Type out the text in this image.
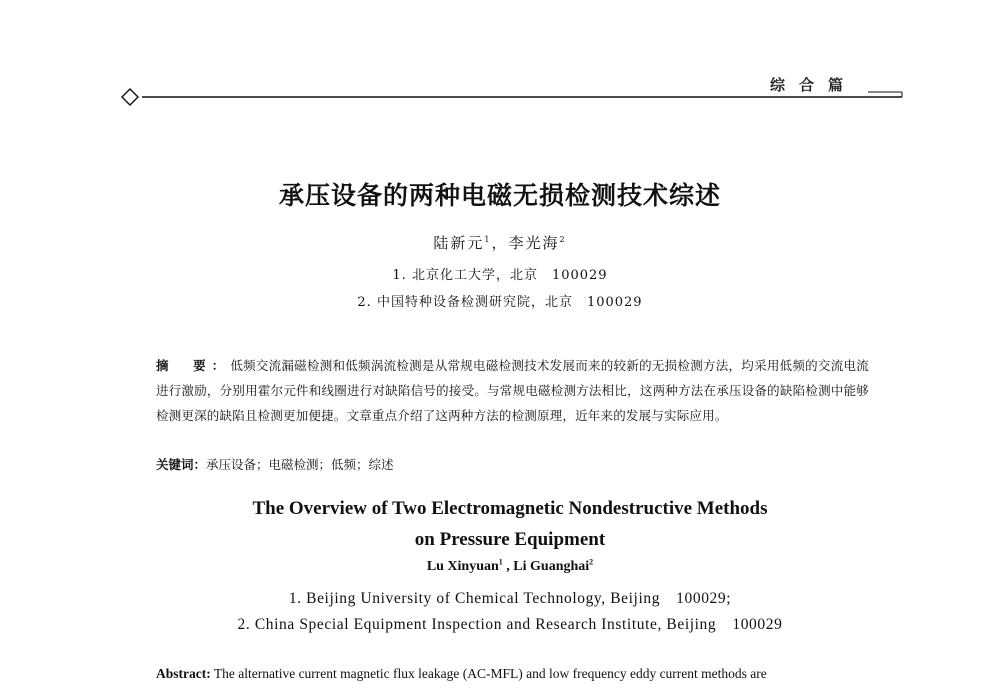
综合篇
承压设备的两种电磁无损检测技术综述
陆新元$^1$，李光海$^2$
1. 北京化工大学，北京　100029
2. 中国特种设备检测研究院，北京　100029
摘　要：低频交流漏磁检测和低频涡流检测是从常规电磁检测技术发展而来的较新的无损检测方法，均采用低频的交流电流进行激励，分别用霍尔元件和线圈进行对缺陷信号的接受。与常规电磁检测方法相比，这两种方法在承压设备的缺陷检测中能够检测更深的缺陷且检测更加便捷。文章重点介绍了这两种方法的检测原理，近年来的发展与实际应用。
关键词：承压设备；电磁检测；低频；综述
The Overview of Two Electromagnetic Nondestructive Methods
on Pressure Equipment
Lu Xinyuan$^1$ , Li Guanghai$^2$
1. Beijing University of Chemical Technology, Beijing　100029;
2. China Special Equipment Inspection and Research Institute, Beijing　100029
Abstract: The alternative current magnetic flux leakage (AC-MFL) and low frequency eddy current methods are
